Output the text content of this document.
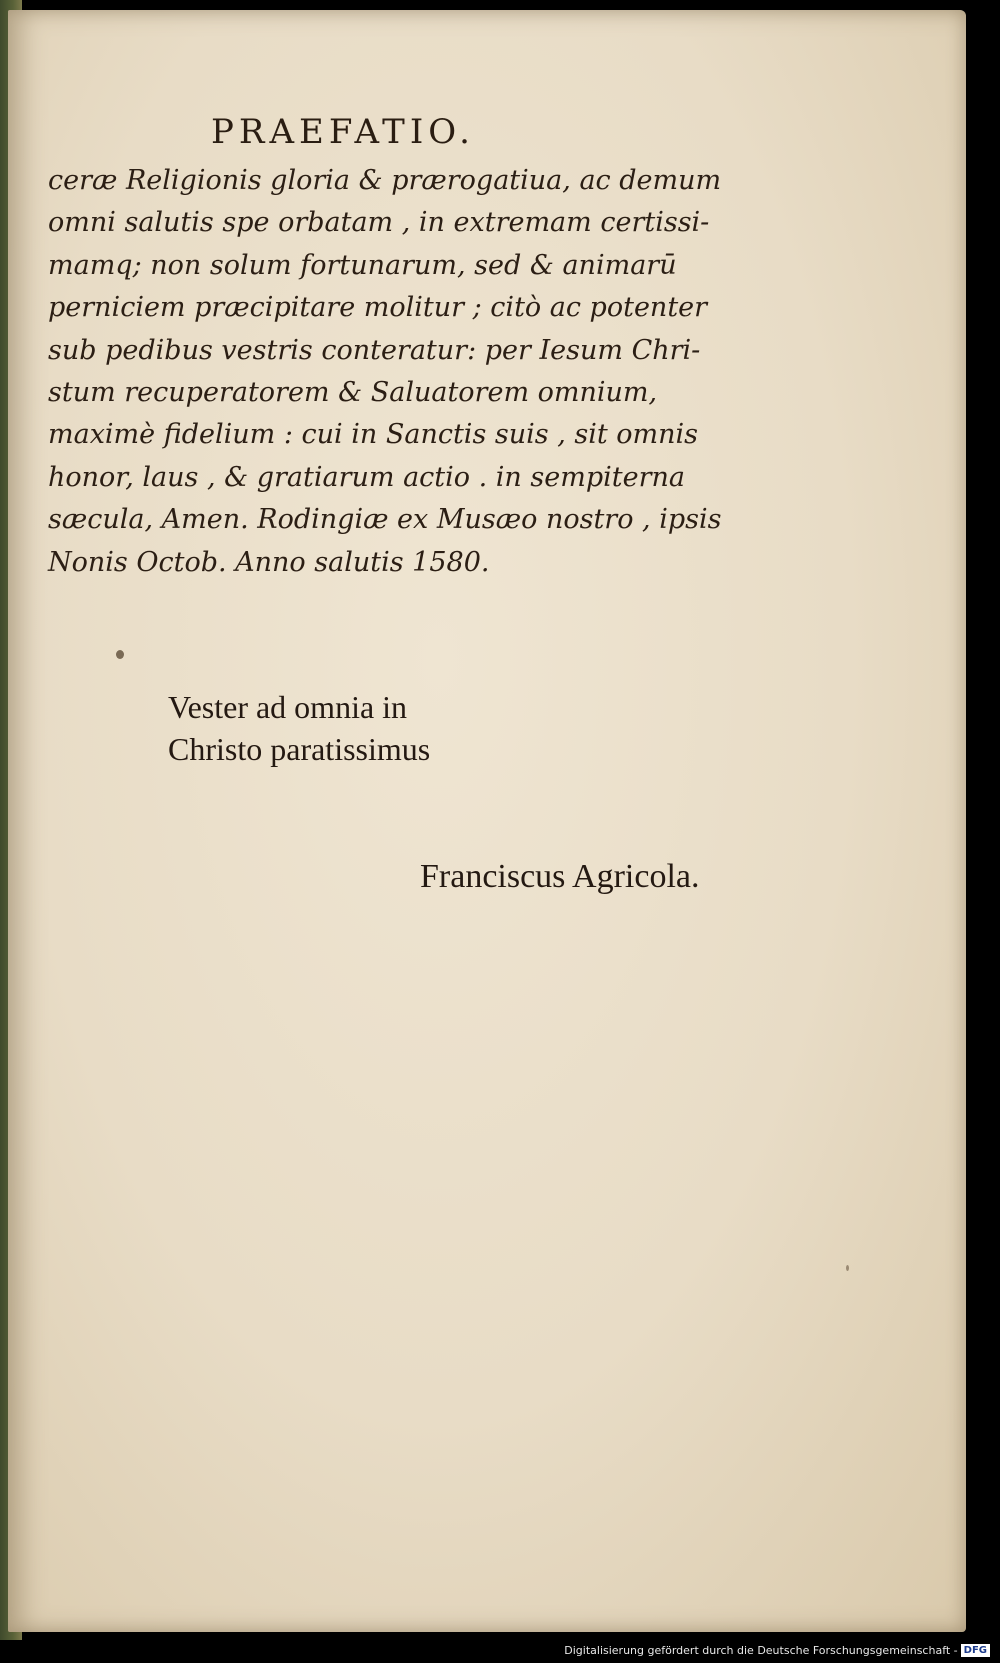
PRAEFATIO.
ceræ Religionis gloria & prærogatiua, ac demum
omni salutis spe orbatam , in extremam certissi-
mamq; non solum fortunarum, sed & animarū
perniciem præcipitare molitur ; citò ac potenter
sub pedibus vestris conteratur: per Iesum Chri-
stum recuperatorem & Saluatorem omnium,
maximè fidelium : cui in Sanctis suis , sit omnis
honor, laus , & gratiarum actio . in sempiterna
sæcula, Amen. Rodingiæ ex Musæo nostro , ipsis
Nonis Octob. Anno salutis 1580.
Vester ad omnia in
Christo paratissimus
Franciscus Agricola.
Digitalisierung gefördert durch die Deutsche Forschungsgemeinschaft - DFG
